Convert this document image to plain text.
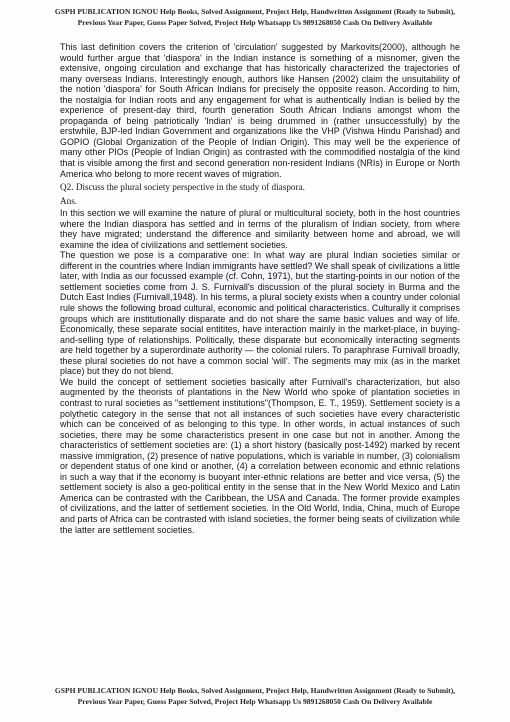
GSPH PUBLICATION IGNOU Help Books, Solved Assignment, Project Help, Handwritten Assignment (Ready to Submit), Previous Year Paper, Guess Paper Solved, Project Help Whatsapp Us 9891268050 Cash On Delivery Available

This last definition covers the criterion of 'circulation' suggested by Markovits(2000), although he would further argue that 'diaspora' in the Indian instance is something of a misnomer, given the extensive, ongoing circulation and exchange that has historically characterized the trajectories of many overseas Indians. Interestingly enough, authors like Hansen (2002) claim the unsuitability of the notion 'diaspora' for South African Indians for precisely the opposite reason. According to him, the nostalgia for Indian roots and any engagement for what is authentically Indian is belied by the experience of present-day third, fourth generation South African Indians amongst whom the propaganda of being patriotically 'Indian' is being drummed in (rather unsuccessfully) by the erstwhile, BJP-led Indian Government and organizations like the VHP (Vishwa Hindu Parishad) and GOPIO (Global Organization of the People of Indian Origin). This may well be the experience of many other PIOs (People of Indian Origin) as contrasted with the commodified nostalgia of the kind that is visible among the first and second generation non-resident Indians (NRIs) in Europe or North America who belong to more recent waves of migration.

Q2. Discuss the plural society perspective in the study of diaspora.

Ans.

In this section we will examine the nature of plural or multicultural society, both in the host countries where the Indian diaspora has settled and in terms of the pluralism of Indian society, from where they have migrated; understand the difference and similarity between home and abroad, we will examine the idea of civilizations and settlement societies.

The question we pose is a comparative one: In what way are plural Indian societies similar or different in the countries where Indian immigrants have settled? We shall speak of civilizations a little later, with India as our focussed example (cf. Cohn, 1971), but the starting-points in our notion of the settlement societies come from J. S. Furnivall's discussion of the plural society in Burma and the Dutch East Indies (Furnivall,1948). In his terms, a plural society exists when a country under colonial rule shows the following broad cultural, economic and political characteristics. Culturally it comprises groups which are institutionally disparate and do not share the same basic values and way of life. Economically, these separate social entitites, have interaction mainly in the market-place, in buying-and-selling type of relationships. Politically, these disparate but economically interacting segments are held together by a superordinate authority — the colonial rulers. To paraphrase Furnivall broadly, these plural societies do not have a common social 'will'. The segments may mix (as in the market place) but they do not blend.

We build the concept of settlement societies basically after Furnivall's characterization, but also augmented by the theorists of plantations in the New World who spoke of plantation societies in contrast to rural societies as "settlement institutions"(Thompson, E. T., 1959). Settlement society is a polythetic category in the sense that not all instances of such societies have every characteristic which can be conceived of as belonging to this type. In other words, in actual instances of such societies, there may be some characteristics present in one case but not in another. Among the characteristics of settlement societies are: (1) a short history (basically post-1492) marked by recent massive immigration, (2) presence of native populations, which is variable in number, (3) colonialism or dependent status of one kind or another, (4) a correlation between economic and ethnic relations in such a way that if the economy is buoyant inter-ethnic relations are better and vice versa, (5) the settlement society is also a geo-political entity in the sense that in the New World Mexico and Latin America can be contrasted with the Caribbean, the USA and Canada. The former provide examples of civilizations, and the latter of settlement societies. In the Old World, India, China, much of Europe and parts of Africa can be contrasted with island societies, the former being seats of civilization while the latter are settlement societies.

GSPH PUBLICATION IGNOU Help Books, Solved Assignment, Project Help, Handwritten Assignment (Ready to Submit), Previous Year Paper, Guess Paper Solved, Project Help Whatsapp Us 9891268050 Cash On Delivery Available
